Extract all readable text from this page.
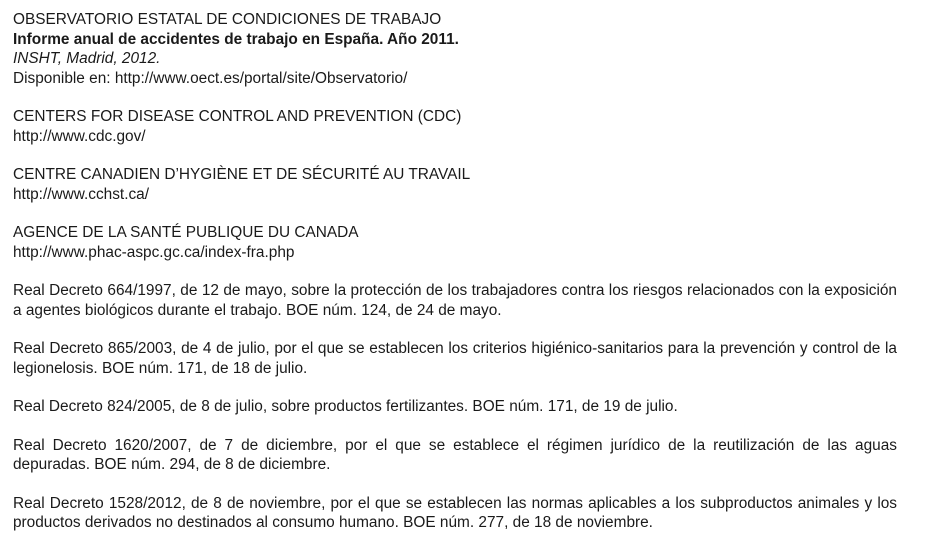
OBSERVATORIO ESTATAL DE CONDICIONES DE TRABAJO
Informe anual de accidentes de trabajo en España. Año 2011.
INSHT, Madrid, 2012.
Disponible en: http://www.oect.es/portal/site/Observatorio/
CENTERS FOR DISEASE CONTROL AND PREVENTION (CDC)
http://www.cdc.gov/
CENTRE CANADIEN D’HYGIÈNE ET DE SÉCURITÉ AU TRAVAIL
http://www.cchst.ca/
AGENCE DE LA SANTÉ PUBLIQUE DU CANADA
http://www.phac-aspc.gc.ca/index-fra.php
Real Decreto 664/1997, de 12 de mayo, sobre la protección de los trabajadores contra los riesgos relacionados con la exposición a agentes biológicos durante el trabajo. BOE núm. 124, de 24 de mayo.
Real Decreto 865/2003, de 4 de julio, por el que se establecen los criterios higiénico-sanitarios para la prevención y control de la legionelosis. BOE núm. 171, de 18 de julio.
Real Decreto 824/2005, de 8 de julio, sobre productos fertilizantes. BOE núm. 171, de 19 de julio.
Real Decreto 1620/2007, de 7 de diciembre, por el que se establece el régimen jurídico de la reutilización de las aguas depuradas. BOE núm. 294, de 8 de diciembre.
Real Decreto 1528/2012, de 8 de noviembre, por el que se establecen las normas aplicables a los subproductos animales y los productos derivados no destinados al consumo humano. BOE núm. 277, de 18 de noviembre.
